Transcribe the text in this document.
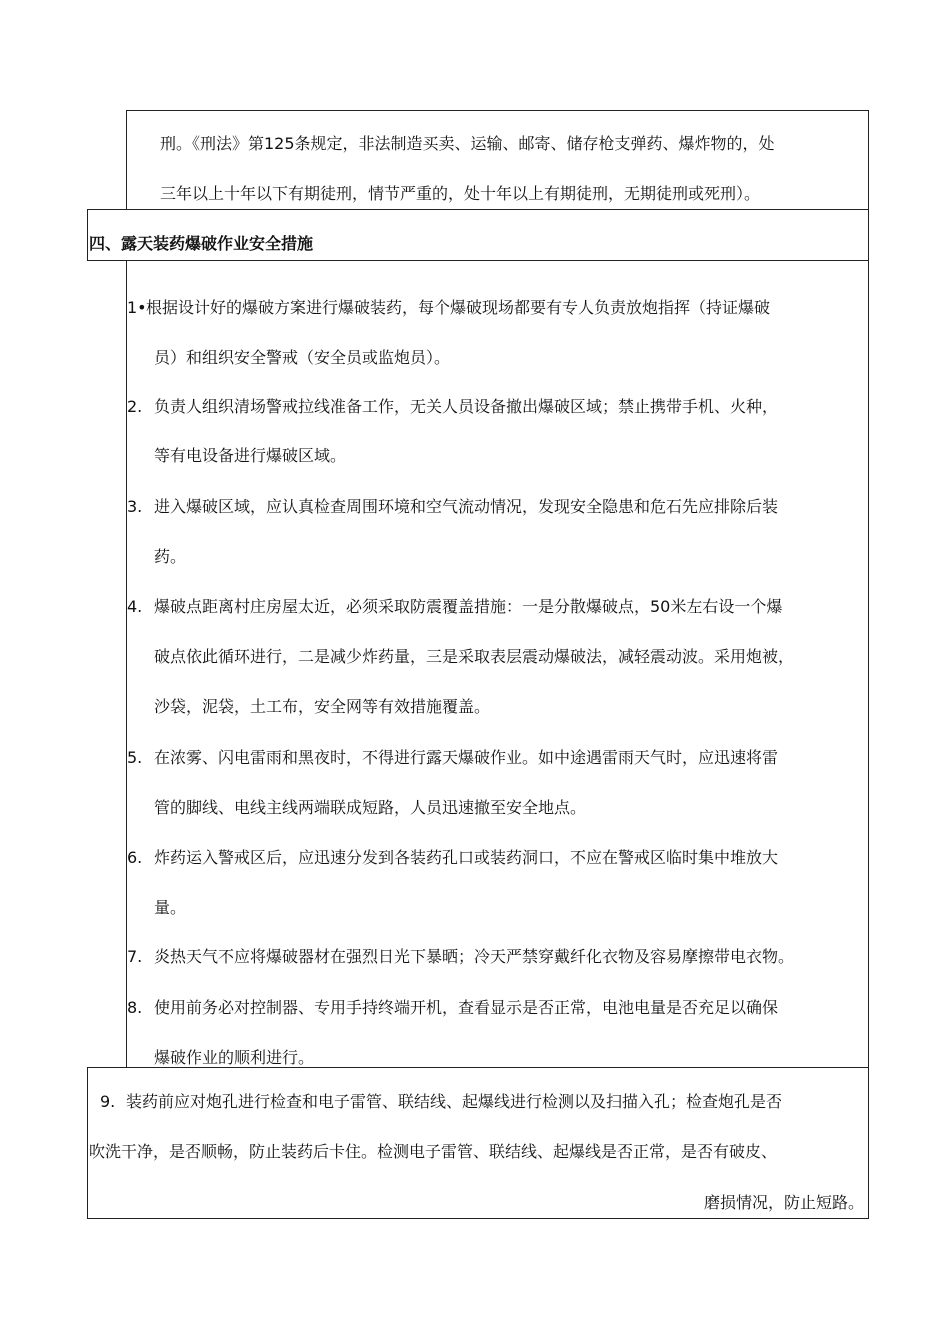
刑。《刑法》第125条规定，非法制造买卖、运输、邮寄、储存枪支弹药、爆炸物的，处
三年以上十年以下有期徒刑，情节严重的，处十年以上有期徒刑，无期徒刑或死刑）。
四、露天装药爆破作业安全措施
1• 根据设计好的爆破方案进行爆破装药，每个爆破现场都要有专人负责放炮指挥（持证爆破
员）和组织安全警戒（安全员或监炮员）。
2. 负责人组织清场警戒拉线准备工作，无关人员设备撤出爆破区域；禁止携带手机、火种，
等有电设备进行爆破区域。
3. 进入爆破区域，应认真检查周围环境和空气流动情况，发现安全隐患和危石先应排除后装
药。
4. 爆破点距离村庄房屋太近，必须采取防震覆盖措施：一是分散爆破点，50米左右设一个爆
破点依此循环进行，二是减少炸药量，三是采取表层震动爆破法，减轻震动波。采用炮被，
沙袋，泥袋，土工布，安全网等有效措施覆盖。
5. 在浓雾、闪电雷雨和黑夜时，不得进行露天爆破作业。如中途遇雷雨天气时，应迅速将雷
管的脚线、电线主线两端联成短路，人员迅速撤至安全地点。
6. 炸药运入警戒区后，应迅速分发到各装药孔口或装药洞口，不应在警戒区临时集中堆放大
量。
7. 炎热天气不应将爆破器材在强烈日光下暴晒；冷天严禁穿戴纤化衣物及容易摩擦带电衣物。
8. 使用前务必对控制器、专用手持终端开机，查看显示是否正常，电池电量是否充足以确保
爆破作业的顺利进行。
9. 装药前应对炮孔进行检查和电子雷管、联结线、起爆线进行检测以及扫描入孔；检查炮孔是否
吹洗干净，是否顺畅，防止装药后卡住。检测电子雷管、联结线、起爆线是否正常，是否有破皮、
磨损情况，防止短路。
